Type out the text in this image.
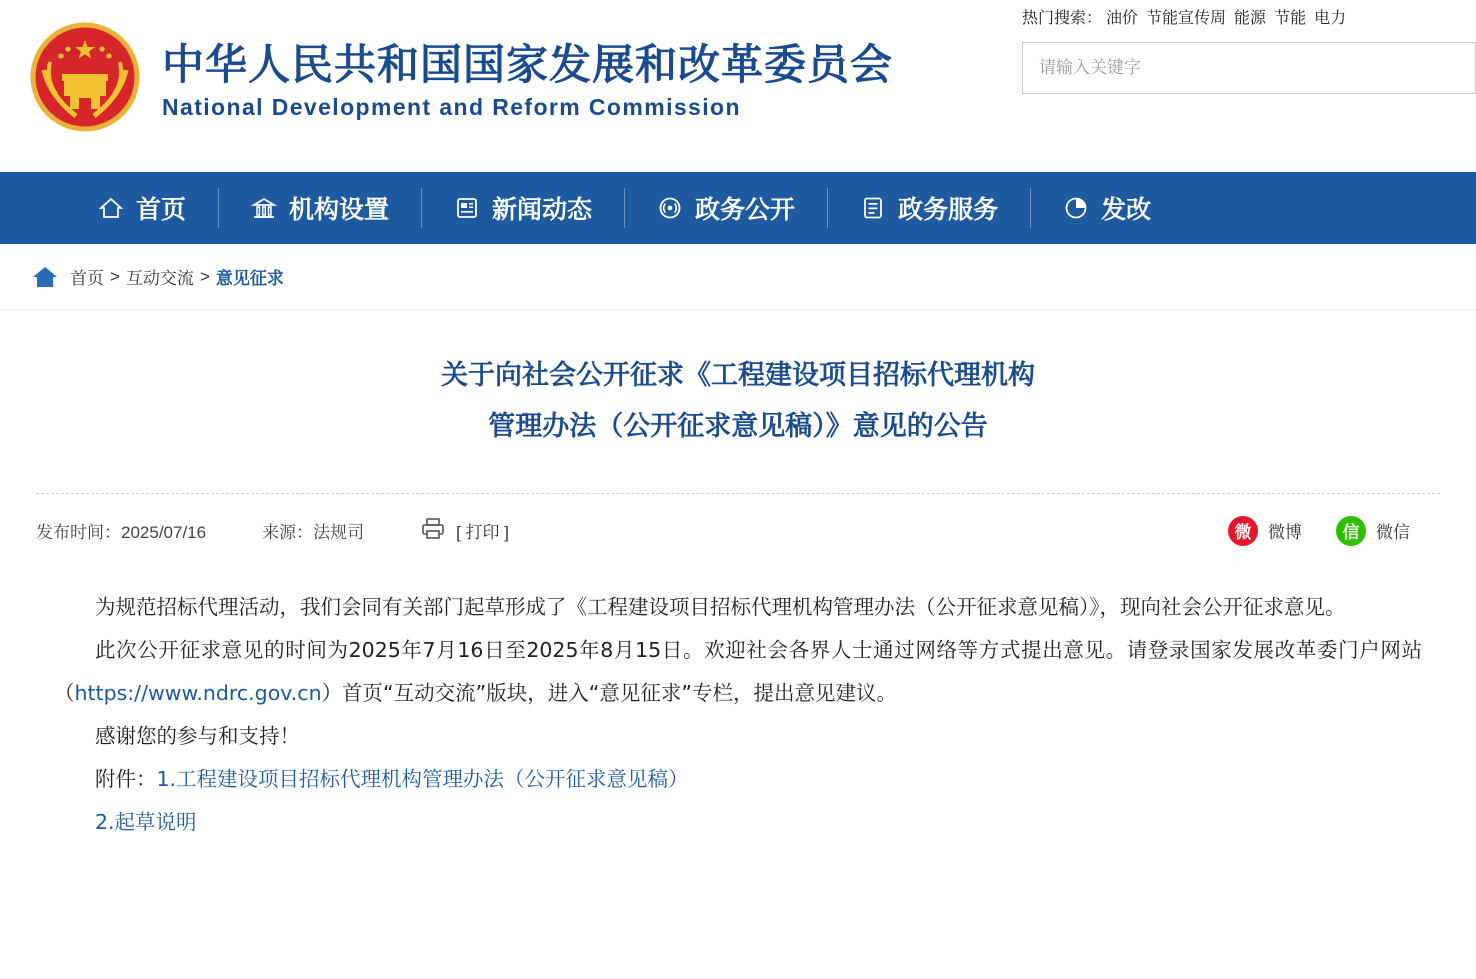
中华人民共和国国家发展和改革委员会
National Development and Reform Commission
热门搜索： 油价 节能宣传周 能源 节能 电力
请输入关键字
首页	机构设置	新闻动态	政务公开	政务服务	发改
首页 > 互动交流 > 意见征求
关于向社会公开征求《工程建设项目招标代理机构
管理办法（公开征求意见稿）》意见的公告
发布时间：2025/07/16	来源：法规司	[ 打印 ]	微 微博	信 微信

为规范招标代理活动，我们会同有关部门起草形成了《工程建设项目招标代理机构管理办法（公开征求意见稿）》，现向社会公开征求意见。

此次公开征求意见的时间为2025年7月16日至2025年8月15日。欢迎社会各界人士通过网络等方式提出意见。请登录国家发展改革委门户网站（https://www.ndrc.gov.cn）首页“互动交流”版块，进入“意见征求”专栏，提出意见建议。

感谢您的参与和支持！

附件：1.工程建设项目招标代理机构管理办法（公开征求意见稿）

2.起草说明
